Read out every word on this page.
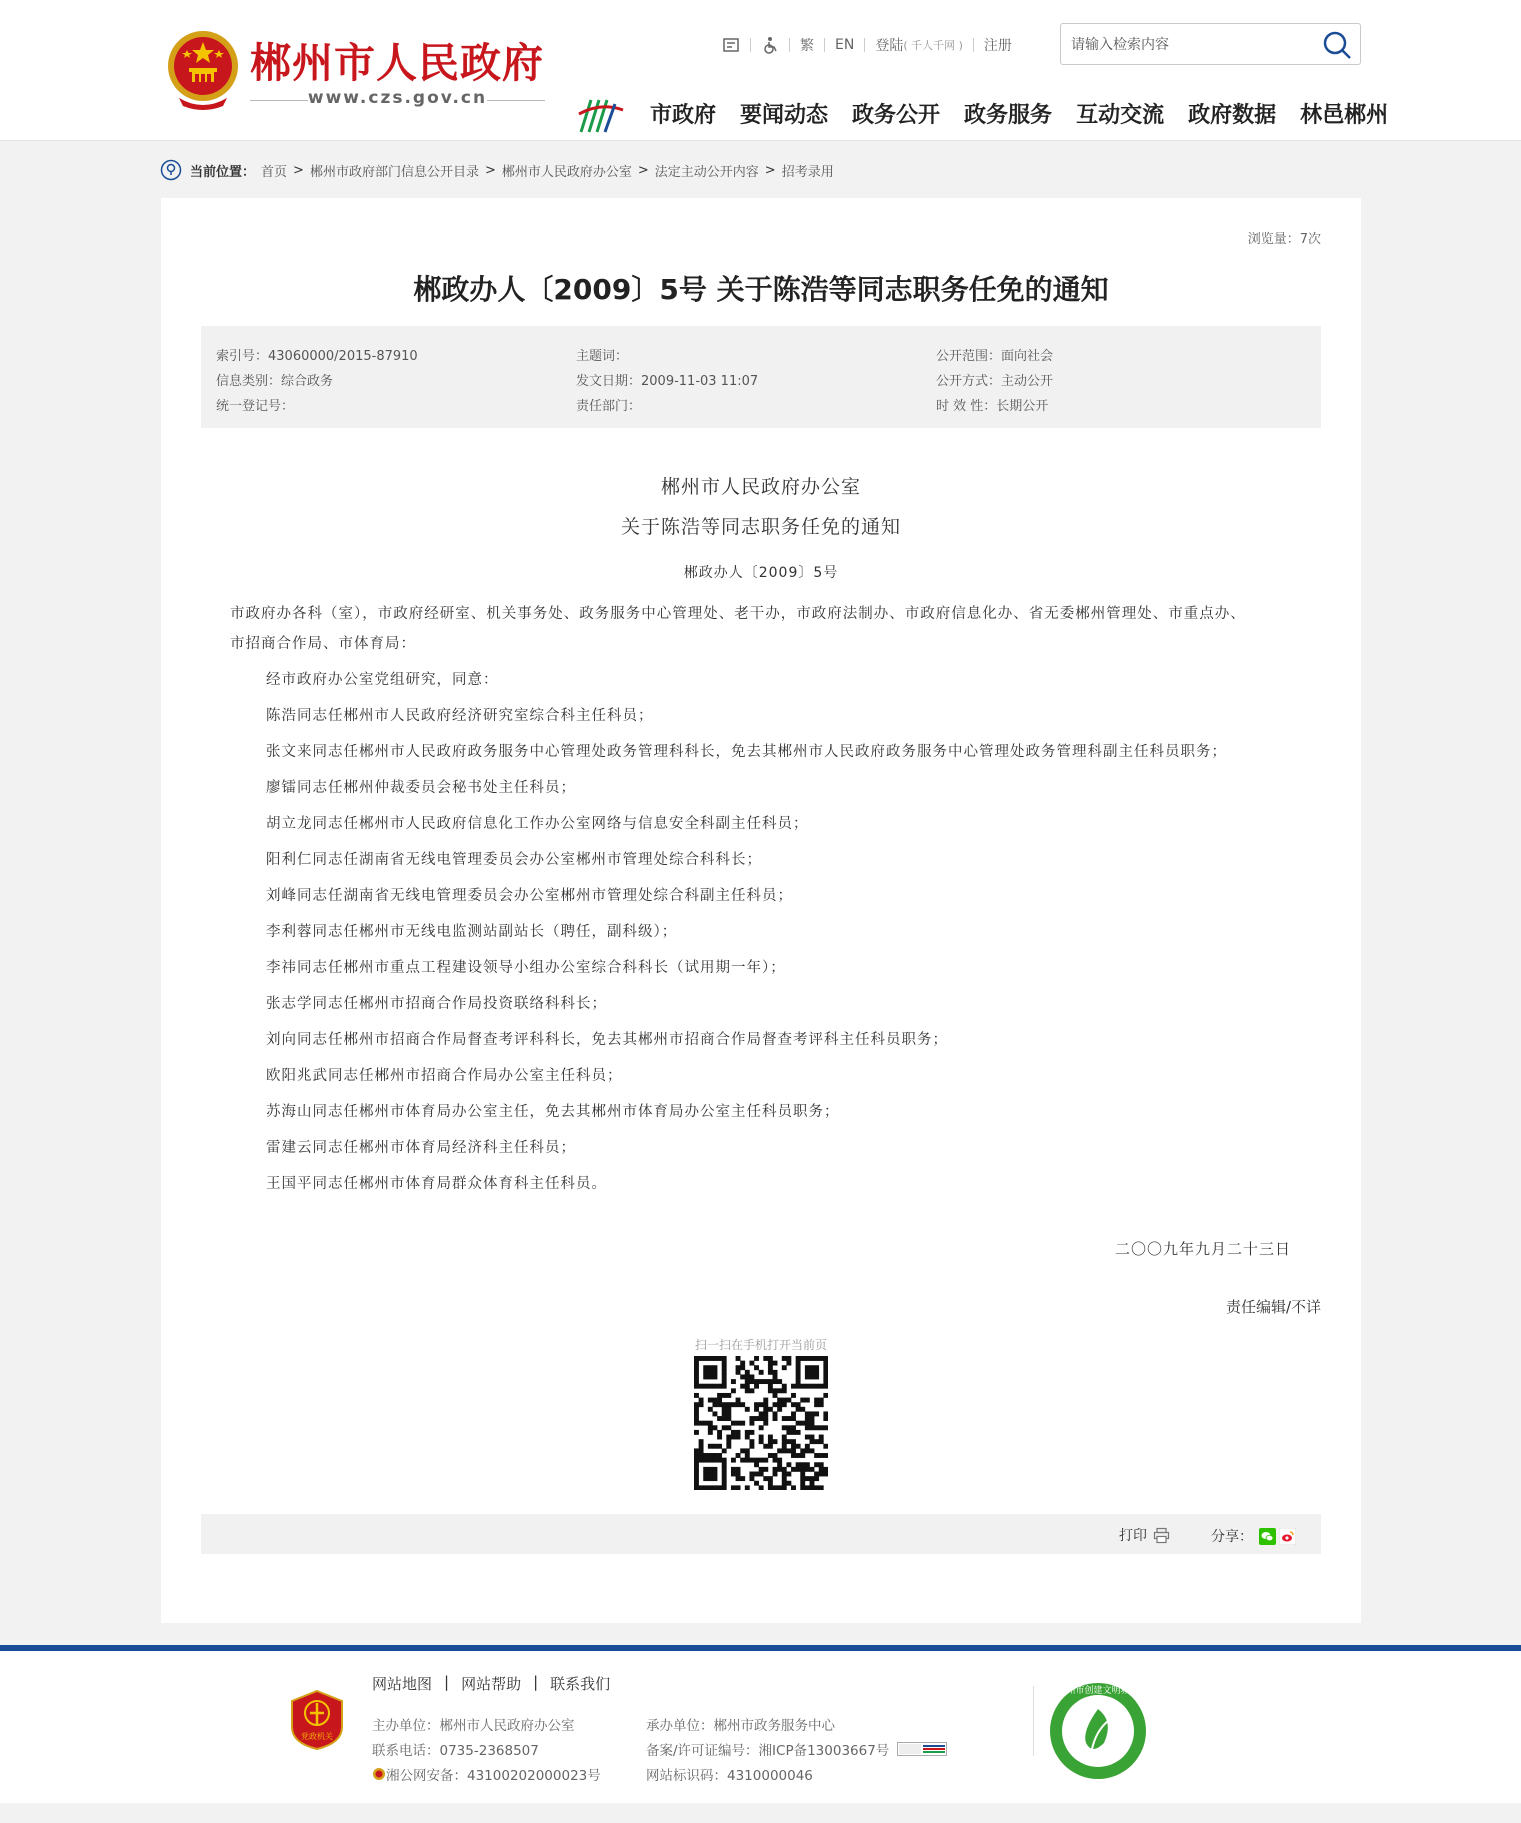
郴州市人民政府
www.czs.gov.cn
繁 EN 登陆 ( 千人千网 ) 注册
请输入检索内容
市政府 要闻动态 政务公开 政务服务 互动交流 政府数据 林邑郴州
当前位置： 首页 > 郴州市政府部门信息公开目录 > 郴州市人民政府办公室 > 法定主动公开内容 > 招考录用
浏览量：7次
郴政办人〔2009〕5号 关于陈浩等同志职务任免的通知
索引号：43060000/2015-87910	主题词：	公开范围：面向社会
信息类别：综合政务	发文日期：2009-11-03 11:07	公开方式：主动公开
统一登记号：	责任部门：	时 效 性：长期公开
郴州市人民政府办公室
关于陈浩等同志职务任免的通知
郴政办人〔2009〕5号
市政府办各科（室），市政府经研室、机关事务处、政务服务中心管理处、老干办，市政府法制办、市政府信息化办、省无委郴州管理处、市重点办、
市招商合作局、市体育局：
经市政府办公室党组研究，同意：
陈浩同志任郴州市人民政府经济研究室综合科主任科员；
张文来同志任郴州市人民政府政务服务中心管理处政务管理科科长，免去其郴州市人民政府政务服务中心管理处政务管理科副主任科员职务；
廖镭同志任郴州仲裁委员会秘书处主任科员；
胡立龙同志任郴州市人民政府信息化工作办公室网络与信息安全科副主任科员；
阳利仁同志任湖南省无线电管理委员会办公室郴州市管理处综合科科长；
刘峰同志任湖南省无线电管理委员会办公室郴州市管理处综合科副主任科员；
李利蓉同志任郴州市无线电监测站副站长（聘任，副科级）；
李祎同志任郴州市重点工程建设领导小组办公室综合科科长（试用期一年）；
张志学同志任郴州市招商合作局投资联络科科长；
刘向同志任郴州市招商合作局督查考评科科长，免去其郴州市招商合作局督查考评科主任科员职务；
欧阳兆武同志任郴州市招商合作局办公室主任科员；
苏海山同志任郴州市体育局办公室主任，免去其郴州市体育局办公室主任科员职务；
雷建云同志任郴州市体育局经济科主任科员；
王国平同志任郴州市体育局群众体育科主任科员。
二〇〇九年九月二十三日
责任编辑/不详
扫一扫在手机打开当前页
打印	分享：
党政机关
网站地图 | 网站帮助 | 联系我们
主办单位：郴州市人民政府办公室
联系电话：0735-2368507
湘公网安备：43100202000023号
承办单位：郴州市政务服务中心
备案/许可证编号：湘ICP备13003667号
网站标识码：4310000046
郴州市创建文明城市
